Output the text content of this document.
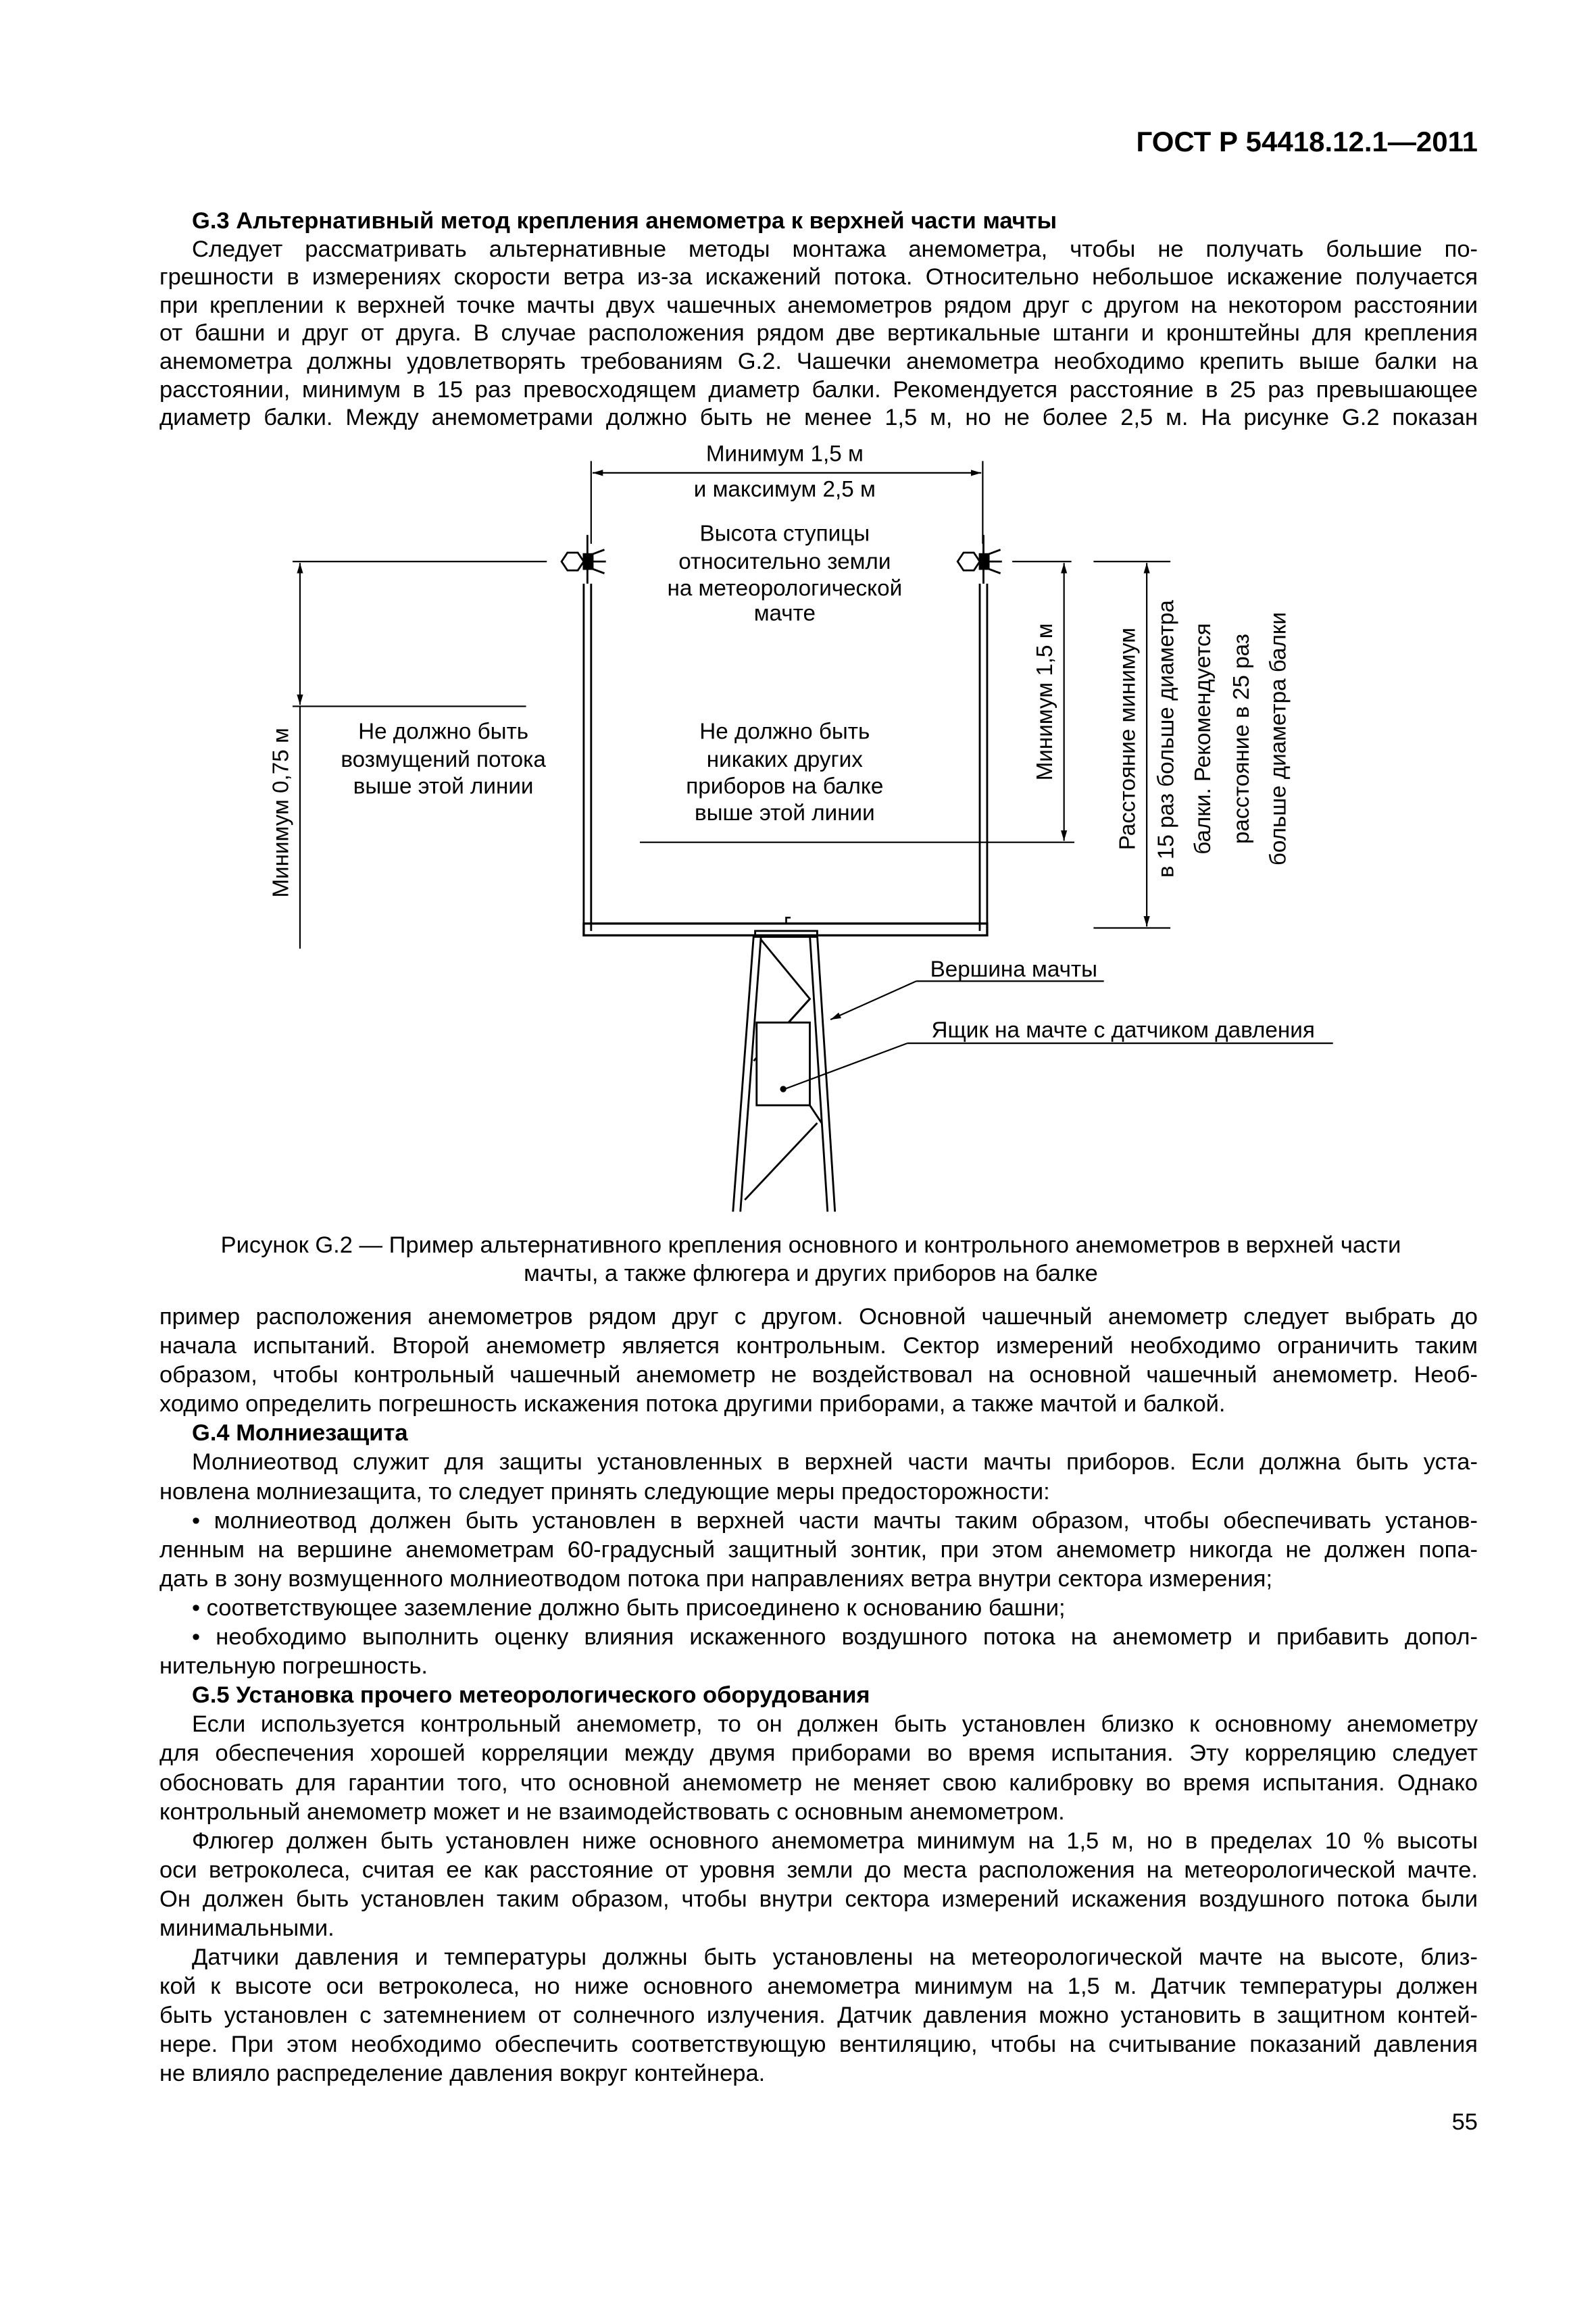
ГОСТ Р 54418.12.1—2011
G.3 Альтернативный метод крепления анемометра к верхней части мачты
Следует рассматривать альтернативные методы монтажа анемометра, чтобы не получать большие по-
грешности в измерениях скорости ветра из-за искажений потока. Относительно небольшое искажение получается
при креплении к верхней точке мачты двух чашечных анемометров рядом друг с другом на некотором расстоянии
от башни и друг от друга. В случае расположения рядом две вертикальные штанги и кронштейны для крепления
анемометра должны удовлетворять требованиям G.2. Чашечки анемометра необходимо крепить выше балки на
расстоянии, минимум в 15 раз превосходящем диаметр балки. Рекомендуется расстояние в 25 раз превышающее
диаметр балки. Между анемометрами должно быть не менее 1,5 м, но не более 2,5 м. На рисунке G.2 показан
Минимум 1,5 м
и максимум 2,5 м
Высота ступицы
относительно земли
на метеорологической
мачте
Не должно быть
возмущений потока
выше этой линии
Не должно быть
никаких других
приборов на балке
выше этой линии
Минимум 0,75 м
Минимум 1,5 м	Расстояние минимум в 15 раз больше диаметра балки. Рекомендуется расстояние в 25 раз больше диаметра балки
Вершина мачты
Ящик на мачте с датчиком давления
Рисунок G.2 — Пример альтернативного крепления основного и контрольного анемометров в верхней части
мачты, а также флюгера и других приборов на балке
пример расположения анемометров рядом друг с другом. Основной чашечный анемометр следует выбрать до
начала испытаний. Второй анемометр является контрольным. Сектор измерений необходимо ограничить таким
образом, чтобы контрольный чашечный анемометр не воздействовал на основной чашечный анемометр. Необ-
ходимо определить погрешность искажения потока другими приборами, а также мачтой и балкой.
G.4 Молниезащита
Молниеотвод служит для защиты установленных в верхней части мачты приборов. Если должна быть уста-
новлена молниезащита, то следует принять следующие меры предосторожности:
• молниеотвод должен быть установлен в верхней части мачты таким образом, чтобы обеспечивать установ-
ленным на вершине анемометрам 60-градусный защитный зонтик, при этом анемометр никогда не должен попа-
дать в зону возмущенного молниеотводом потока при направлениях ветра внутри сектора измерения;
• соответствующее заземление должно быть присоединено к основанию башни;
• необходимо выполнить оценку влияния искаженного воздушного потока на анемометр и прибавить допол-
нительную погрешность.
G.5 Установка прочего метеорологического оборудования
Если используется контрольный анемометр, то он должен быть установлен близко к основному анемометру
для обеспечения хорошей корреляции между двумя приборами во время испытания. Эту корреляцию следует
обосновать для гарантии того, что основной анемометр не меняет свою калибровку во время испытания. Однако
контрольный анемометр может и не взаимодействовать с основным анемометром.
Флюгер должен быть установлен ниже основного анемометра минимум на 1,5 м, но в пределах 10 % высоты
оси ветроколеса, считая ее как расстояние от уровня земли до места расположения на метеорологической мачте.
Он должен быть установлен таким образом, чтобы внутри сектора измерений искажения воздушного потока были
минимальными.
Датчики давления и температуры должны быть установлены на метеорологической мачте на высоте, близ-
кой к высоте оси ветроколеса, но ниже основного анемометра минимум на 1,5 м. Датчик температуры должен
быть установлен с затемнением от солнечного излучения. Датчик давления можно установить в защитном контей-
нере. При этом необходимо обеспечить соответствующую вентиляцию, чтобы на считывание показаний давления
не влияло распределение давления вокруг контейнера.
55
